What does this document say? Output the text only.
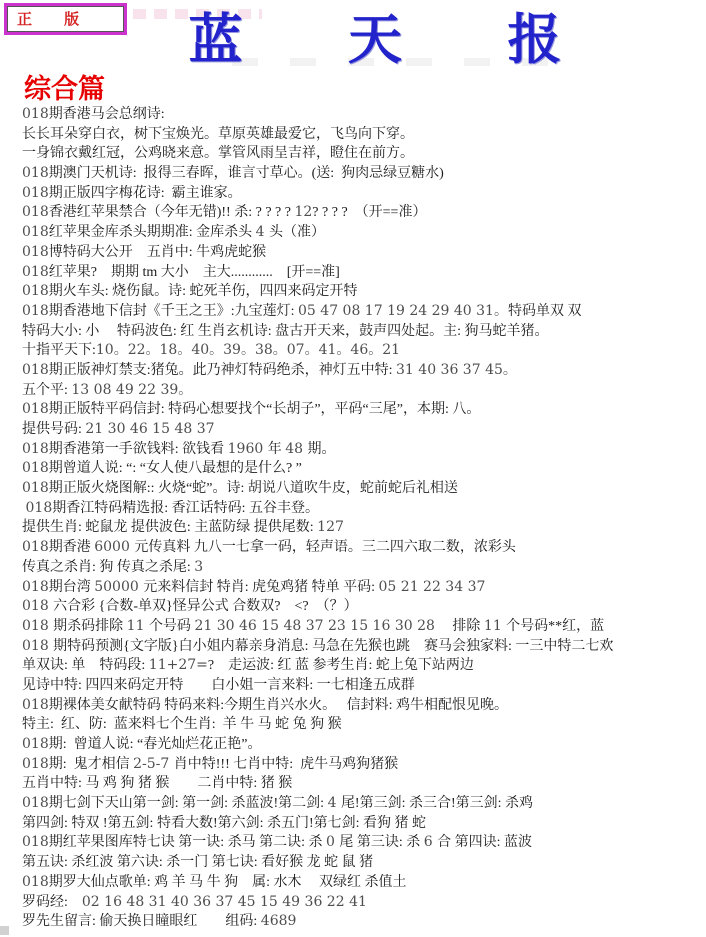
正 版	蓝 天 报
综合篇
018期香港马会总纲诗:
长长耳朵穿白衣，树下宝焕光。草原英雄最爱它，飞鸟向下穿。
一身锦衣戴红冠，公鸡晓来意。掌管风雨呈吉祥，瞪住在前方。
018期澳门天机诗:  报得三春晖，谁言寸草心。(送:  狗肉忌绿豆糖水)
018期正版四字梅花诗:  霸主谁家。
018香港红苹果禁合（今年无错)!! 杀: ? ? ? ? 12? ? ? ?  （开==准）
018红苹果金库杀头期期准: 金库杀头 4 头（准）
018博特码大公开　五肖中: 牛鸡虎蛇猴
018红苹果?　期期 tm 大小　主大............　[开==准]
018期火车头: 烧伤鼠。诗: 蛇死羊伤，四四来码定开特
018期香港地下信封《千王之王》:九宝莲灯: 05 47 08 17 19 24 29 40 31。特码单双 双
特码大小: 小　 特码波色: 红 生肖玄机诗: 盘古开天来，鼓声四处起。主: 狗马蛇羊猪。
十指平天下:10。22。18。40。39。38。07。41。46。21
018期正版神灯禁支:猪兔。此乃神灯特码绝杀，神灯五中特: 31 40 36 37 45。
五个平: 13 08 49 22 39。
018期正版特平码信封: 特码心想要找个“长胡子”，平码“三尾”，本期: 八。
提供号码: 21 30 46 15 48 37
018期香港第一手欲钱料: 欲钱看 1960 年 48 期。
018期曾道人说: “: “女人使八最想的是什么? ”
018期正版火烧图解:: 火烧“蛇”。诗: 胡说八道吹牛皮，蛇前蛇后礼相送
018期香江特码精选报: 香江话特码: 五谷丰登。
提供生肖: 蛇鼠龙 提供波色: 主蓝防绿 提供尾数: 127
018期香港 6000 元传真料 九八一七拿一码，轻声语。三二四六取二数，浓彩头
传真之杀肖: 狗 传真之杀尾: 3
018期台湾 50000 元来料信封 特肖: 虎兔鸡猪 特单 平码: 05 21 22 34 37
018 六合彩 {合数-单双}怪异公式 合数双?　<?　（？）
018 期杀码排除 11 个号码 21 30 46 15 48 37 23 15 16 30 28　 排除 11 个号码**红，蓝
018 期特码预测{文字版}白小姐内幕亲身消息: 马急在先猴也跳　赛马会独家料: 一三中特二七欢
单双诀: 单　特码段: 11+27=?　走运波: 红 蓝 参考生肖: 蛇上兔下站两边
见诗中特: 四四来码定开特　　白小姐一言来料: 一七相逢五成群
018期裸体美女献特码 特码来料:今期生肖兴水火。　 信封料: 鸡牛相配恨见晚。
特主:  红、防:  蓝来料七个生肖:  羊 牛 马 蛇 兔 狗 猴
018期:  曾道人说: “春光灿烂花正艳”。
018期:  鬼才相信 2-5-7 肖中特!!! 七肖中特:  虎牛马鸡狗猪猴
五肖中特: 马 鸡 狗 猪 猴　　二肖中特: 猪 猴
018期七剑下天山第一剑: 第一剑: 杀蓝波!第二剑: 4 尾!第三剑: 杀三合!第三剑: 杀鸡
第四剑: 特双 !第五剑: 特看大数!第六剑: 杀五门!第七剑: 看狗 猪 蛇
018期红苹果图库特七诀 第一诀: 杀马 第二诀: 杀 0 尾 第三诀: 杀 6 合 第四诀: 蓝波
第五诀: 杀红波 第六诀: 杀一门 第七诀: 看好猴 龙 蛇 鼠 猪
018期罗大仙点歌单: 鸡 羊 马 牛 狗　属: 水木　 双绿红 杀值土
罗码经:　02 16 48 31 40 36 37 45 15 49 36 22 41
罗先生留言: 偷天换日瞳眼红　　组码: 4689
